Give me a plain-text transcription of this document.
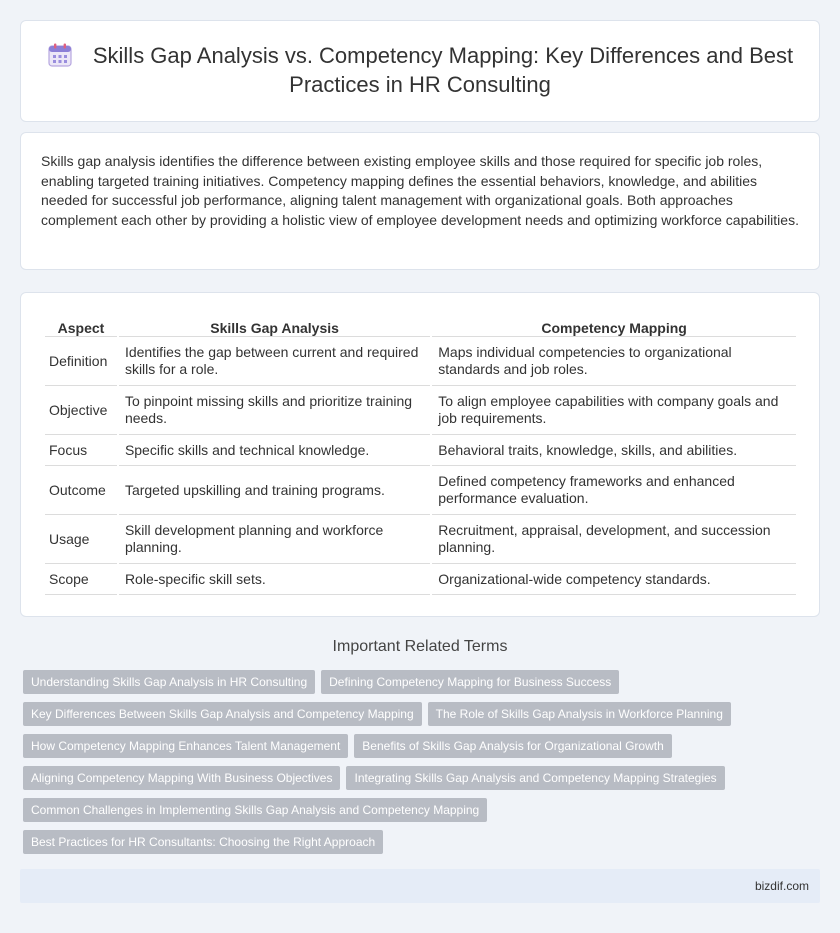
Skills Gap Analysis vs. Competency Mapping: Key Differences and Best Practices in HR Consulting

Skills gap analysis identifies the difference between existing employee skills and those required for specific job roles, enabling targeted training initiatives. Competency mapping defines the essential behaviors, knowledge, and abilities needed for successful job performance, aligning talent management with organizational goals. Both approaches complement each other by providing a holistic view of employee development needs and optimizing workforce capabilities.

Aspect	Skills Gap Analysis	Competency Mapping
Definition	Identifies the gap between current and required skills for a role.	Maps individual competencies to organizational standards and job roles.
Objective	To pinpoint missing skills and prioritize training needs.	To align employee capabilities with company goals and job requirements.
Focus	Specific skills and technical knowledge.	Behavioral traits, knowledge, skills, and abilities.
Outcome	Targeted upskilling and training programs.	Defined competency frameworks and enhanced performance evaluation.
Usage	Skill development planning and workforce planning.	Recruitment, appraisal, development, and succession planning.
Scope	Role-specific skill sets.	Organizational-wide competency standards.
Important Related Terms
Understanding Skills Gap Analysis in HR Consulting Defining Competency Mapping for Business Success
Key Differences Between Skills Gap Analysis and Competency Mapping The Role of Skills Gap Analysis in Workforce Planning
How Competency Mapping Enhances Talent Management Benefits of Skills Gap Analysis for Organizational Growth
Aligning Competency Mapping With Business Objectives Integrating Skills Gap Analysis and Competency Mapping Strategies
Common Challenges in Implementing Skills Gap Analysis and Competency Mapping
Best Practices for HR Consultants: Choosing the Right Approach
bizdif.com
